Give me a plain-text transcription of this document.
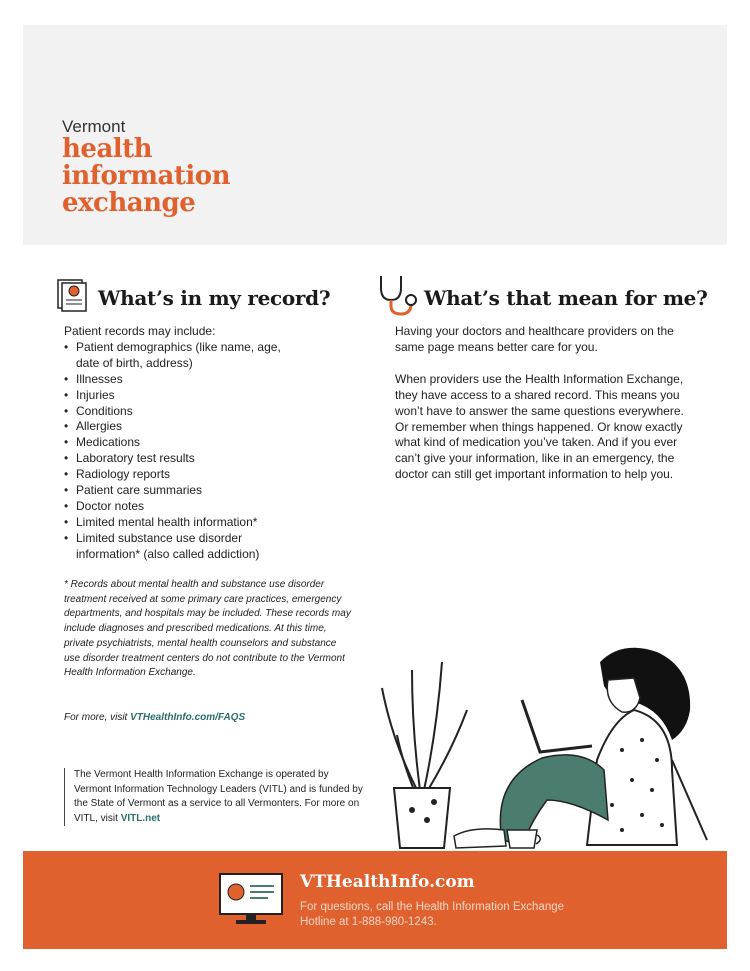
Vermont
health
information
exchange
What’s in my record?	What’s that mean for me?
Patient records may include:
• Patient demographics (like name, age, date of birth, address)
• Illnesses
• Injuries
• Conditions
• Allergies
• Medications
• Laboratory test results
• Radiology reports
• Patient care summaries
• Doctor notes
• Limited mental health information*
• Limited substance use disorder information* (also called addiction)
* Records about mental health and substance use disorder treatment received at some primary care practices, emergency departments, and hospitals may be included. These records may include diagnoses and prescribed medications. At this time, private psychiatrists, mental health counselors and substance use disorder treatment centers do not contribute to the Vermont Health Information Exchange.
For more, visit VTHealthInfo.com/FAQS
The Vermont Health Information Exchange is operated by Vermont Information Technology Leaders (VITL) and is funded by the State of Vermont as a service to all Vermonters. For more on VITL, visit VITL.net

Having your doctors and healthcare providers on the same page means better care for you.

When providers use the Health Information Exchange, they have access to a shared record. This means you won’t have to answer the same questions everywhere. Or remember when things happened. Or know exactly what kind of medication you’ve taken. And if you ever can’t give your information, like in an emergency, the doctor can still get important information to help you.

VTHealthInfo.com
For questions, call the Health Information Exchange Hotline at 1-888-980-1243.
